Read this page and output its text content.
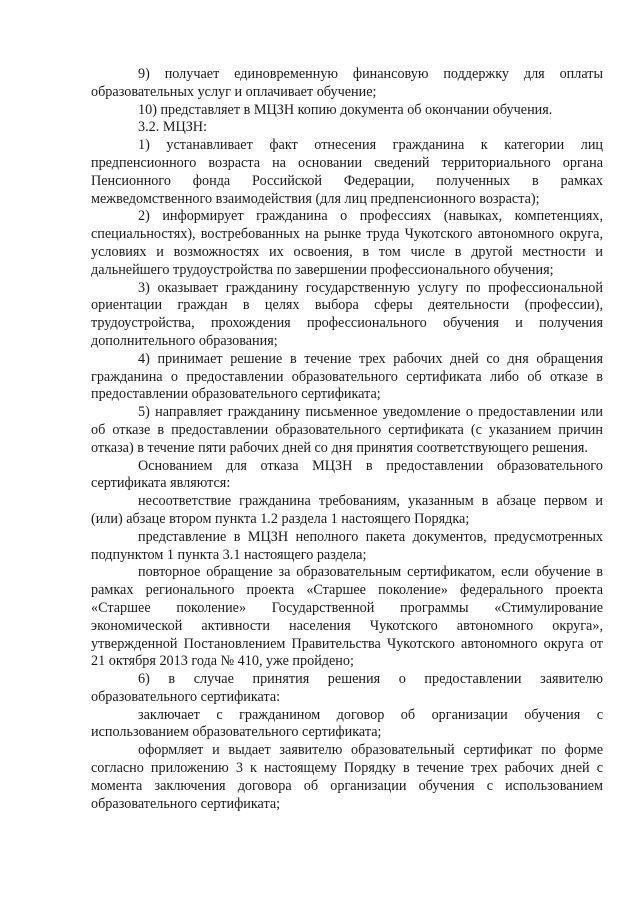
9) получает единовременную финансовую поддержку для оплаты образовательных услуг и оплачивает обучение;

10) представляет в МЦЗН копию документа об окончании обучения.

3.2. МЦЗН:

1) устанавливает факт отнесения гражданина к категории лиц предпенсионного возраста на основании сведений территориального органа Пенсионного фонда Российской Федерации, полученных в рамках межведомственного взаимодействия (для лиц предпенсионного возраста);

2) информирует гражданина о профессиях (навыках, компетенциях, специальностях), востребованных на рынке труда Чукотского автономного округа, условиях и возможностях их освоения, в том числе в другой местности и дальнейшего трудоустройства по завершении профессионального обучения;

3) оказывает гражданину государственную услугу по профессиональной ориентации граждан в целях выбора сферы деятельности (профессии), трудоустройства, прохождения профессионального обучения и получения дополнительного образования;

4) принимает решение в течение трех рабочих дней со дня обращения гражданина о предоставлении образовательного сертификата либо об отказе в предоставлении образовательного сертификата;

5) направляет гражданину письменное уведомление о предоставлении или об отказе в предоставлении образовательного сертификата (с указанием причин отказа) в течение пяти рабочих дней со дня принятия соответствующего решения.

Основанием для отказа МЦЗН в предоставлении образовательного сертификата являются:

несоответствие гражданина требованиям, указанным в абзаце первом и (или) абзаце втором пункта 1.2 раздела 1 настоящего Порядка;

представление в МЦЗН неполного пакета документов, предусмотренных подпунктом 1 пункта 3.1 настоящего раздела;

повторное обращение за образовательным сертификатом, если обучение в рамках регионального проекта «Старшее поколение» федерального проекта «Старшее поколение» Государственной программы «Стимулирование экономической активности населения Чукотского автономного округа», утвержденной Постановлением Правительства Чукотского автономного округа от 21 октября 2013 года № 410, уже пройдено;

6) в случае принятия решения о предоставлении заявителю образовательного сертификата:

заключает с гражданином договор об организации обучения с использованием образовательного сертификата;

оформляет и выдает заявителю образовательный сертификат по форме согласно приложению 3 к настоящему Порядку в течение трех рабочих дней с момента заключения договора об организации обучения с использованием образовательного сертификата;
